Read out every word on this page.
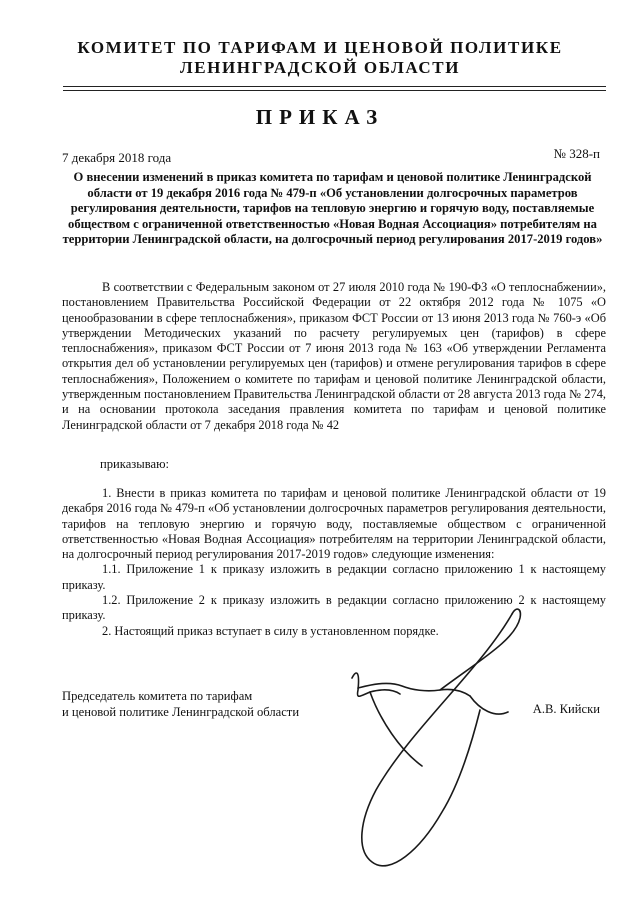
КОМИТЕТ ПО ТАРИФАМ И ЦЕНОВОЙ ПОЛИТИКЕ
ЛЕНИНГРАДСКОЙ ОБЛАСТИ
ПРИКАЗ
7 декабря 2018 года	№ 328-п
О внесении изменений в приказ комитета по тарифам и ценовой политике Ленинградской области от 19 декабря 2016 года № 479-п «Об установлении долгосрочных параметров регулирования деятельности, тарифов на тепловую энергию и горячую воду, поставляемые обществом с ограниченной ответственностью «Новая Водная Ассоциация» потребителям на территории Ленинградской области, на долгосрочный период регулирования 2017-2019 годов»
В соответствии с Федеральным законом от 27 июля 2010 года № 190-ФЗ «О теплоснабжении», постановлением Правительства Российской Федерации от 22 октября 2012 года № 1075 «О ценообразовании в сфере теплоснабжения», приказом ФСТ России от 13 июня 2013 года № 760-э «Об утверждении Методических указаний по расчету регулируемых цен (тарифов) в сфере теплоснабжения», приказом ФСТ России от 7 июня 2013 года № 163 «Об утверждении Регламента открытия дел об установлении регулируемых цен (тарифов) и отмене регулирования тарифов в сфере теплоснабжения», Положением о комитете по тарифам и ценовой политике Ленинградской области, утвержденным постановлением Правительства Ленинградской области от 28 августа 2013 года № 274, и на основании протокола заседания правления комитета по тарифам и ценовой политике Ленинградской области от 7 декабря 2018 года № 42
приказываю:

1. Внести в приказ комитета по тарифам и ценовой политике Ленинградской области от 19 декабря 2016 года № 479-п «Об установлении долгосрочных параметров регулирования деятельности, тарифов на тепловую энергию и горячую воду, поставляемые обществом с ограниченной ответственностью «Новая Водная Ассоциация» потребителям на территории Ленинградской области, на долгосрочный период регулирования 2017-2019 годов» следующие изменения:

1.1. Приложение 1 к приказу изложить в редакции согласно приложению 1 к настоящему приказу.

1.2. Приложение 2 к приказу изложить в редакции согласно приложению 2 к настоящему приказу.

2. Настоящий приказ вступает в силу в установленном порядке.

Председатель комитета по тарифам
и ценовой политике Ленинградской области	А.В. Кийски
